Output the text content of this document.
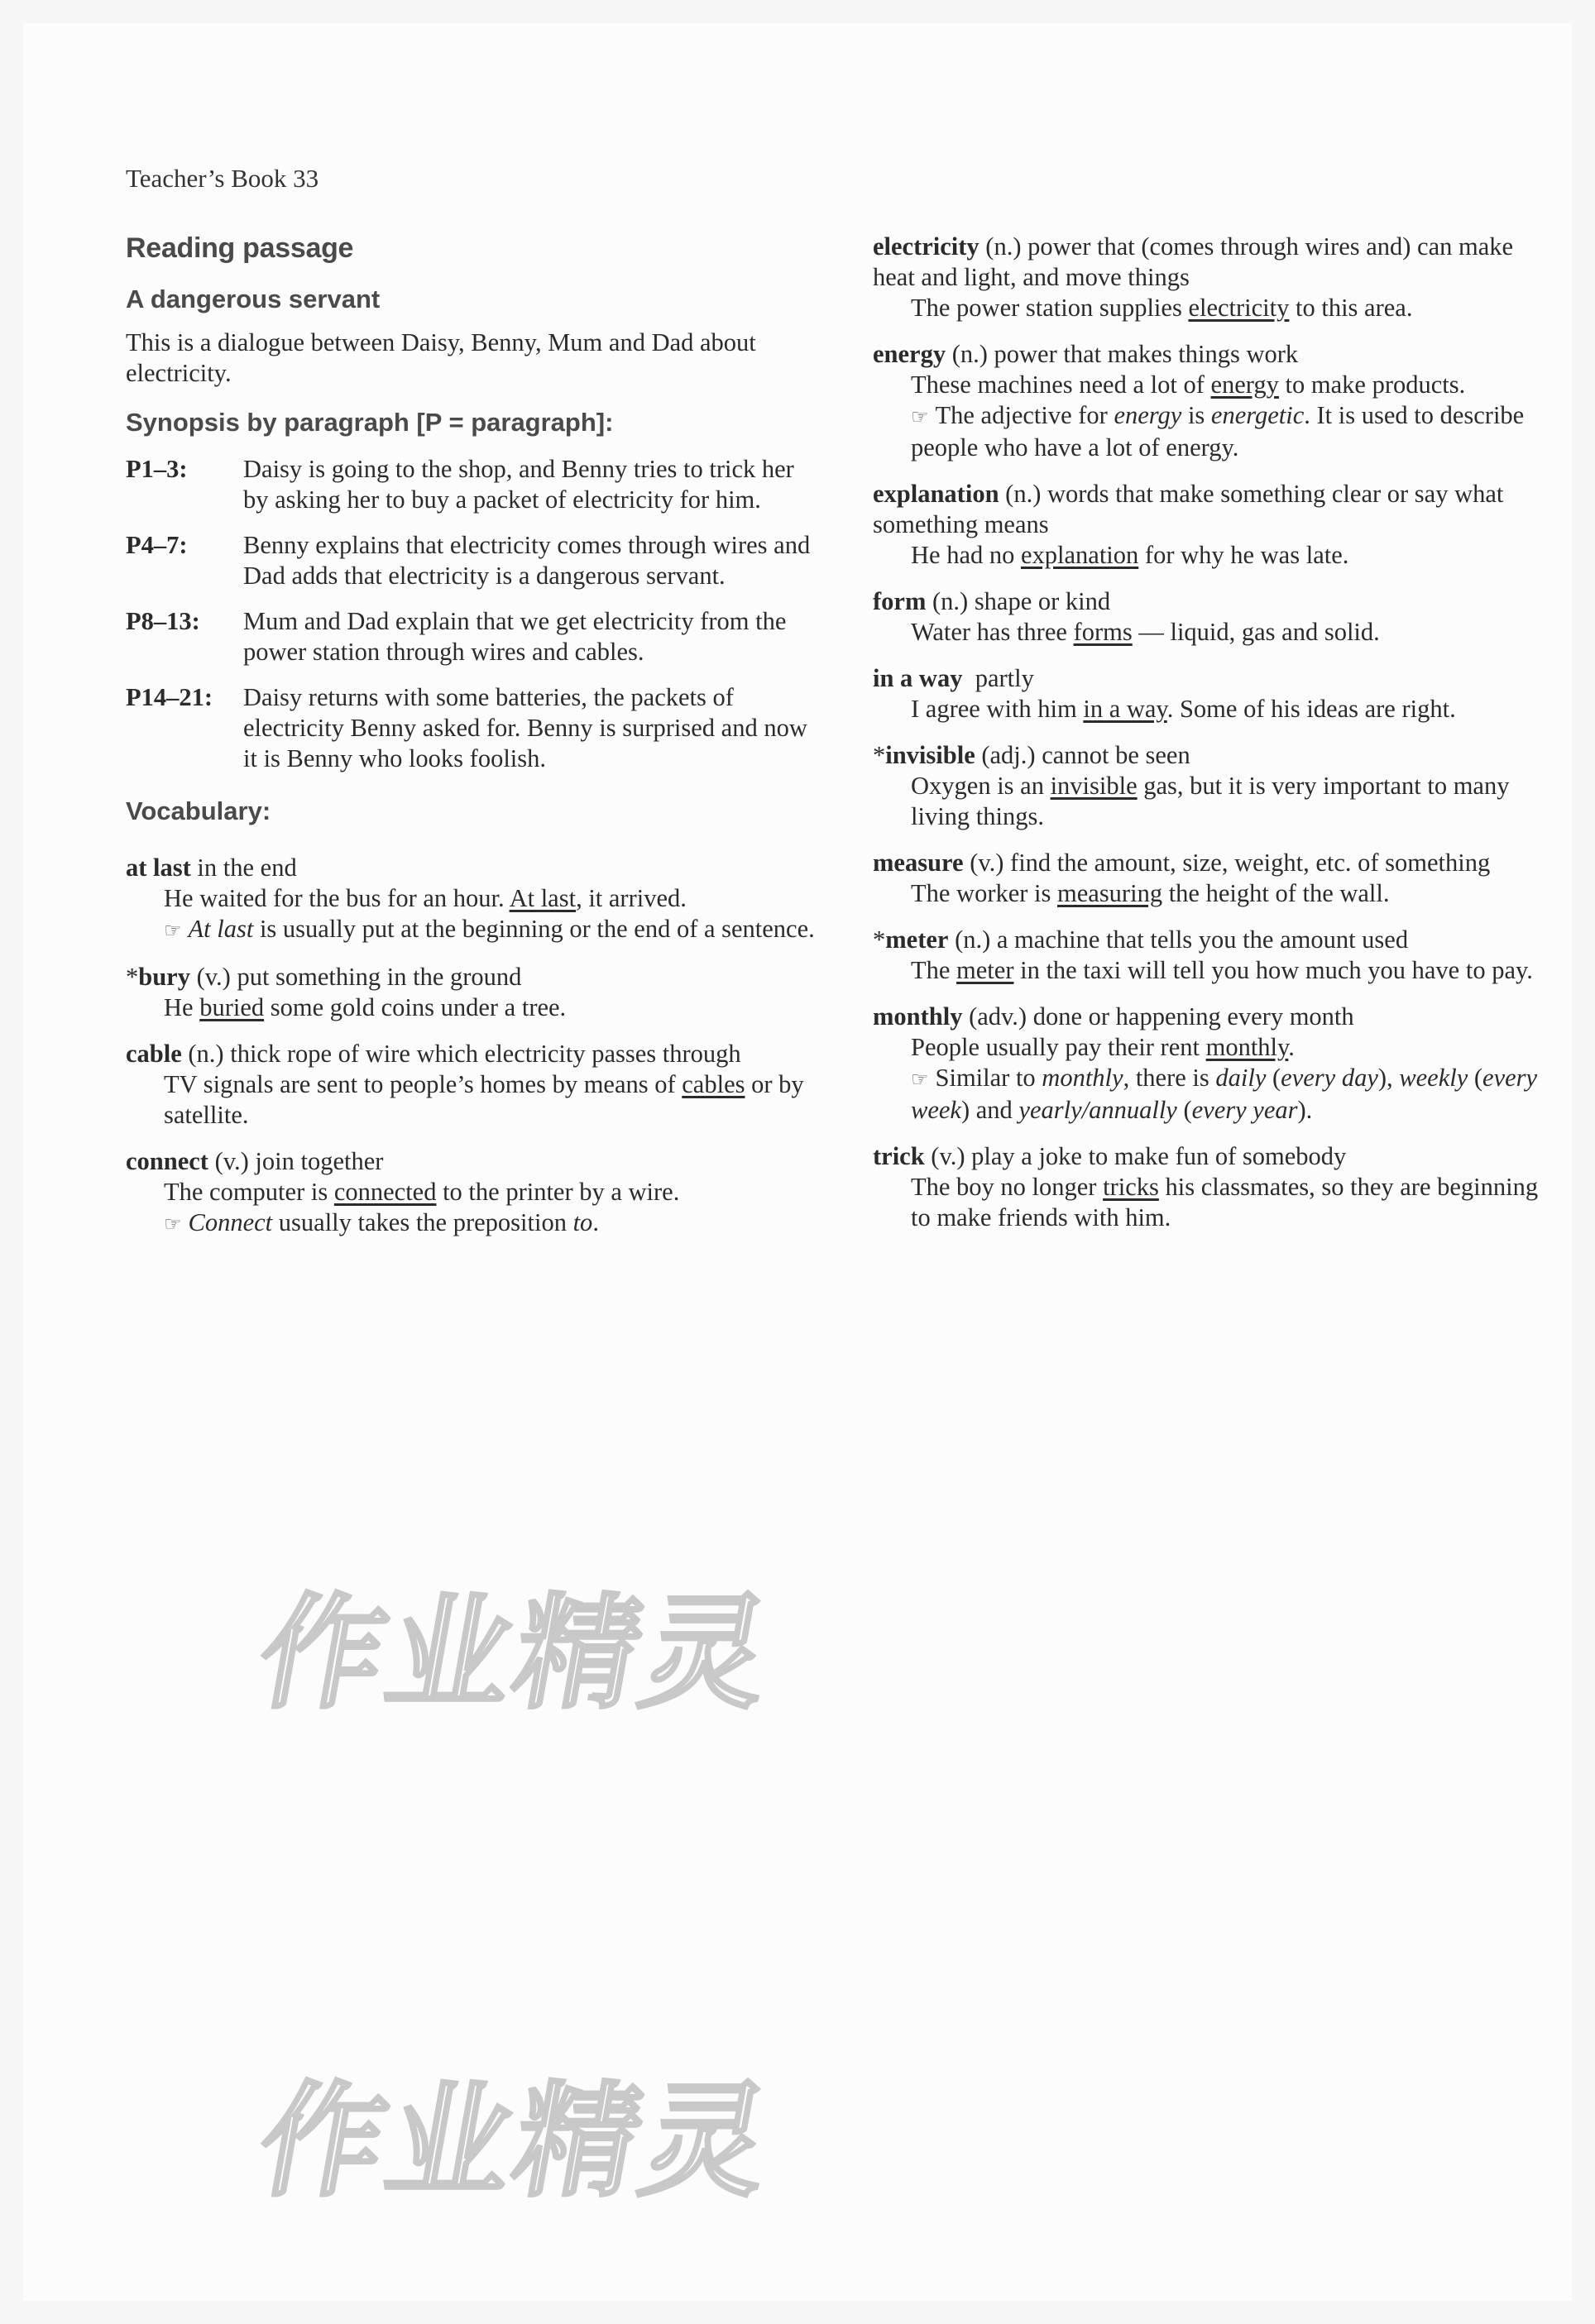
Teacher’s Book 33
Reading passage
A dangerous servant
This is a dialogue between Daisy, Benny, Mum and Dad about electricity.
Synopsis by paragraph [P = paragraph]:
P1–3:	Daisy is going to the shop, and Benny tries to trick her by asking her to buy a packet of electricity for him.
P4–7:	Benny explains that electricity comes through wires and Dad adds that electricity is a dangerous servant.
P8–13:	Mum and Dad explain that we get electricity from the power station through wires and cables.
P14–21:	Daisy returns with some batteries, the packets of electricity Benny asked for. Benny is surprised and now it is Benny who looks foolish.
Vocabulary:
at last in the end
He waited for the bus for an hour. At last, it arrived.
☞ At last is usually put at the beginning or the end of a sentence.
*bury (v.) put something in the ground
He buried some gold coins under a tree.
cable (n.) thick rope of wire which electricity passes through
TV signals are sent to people’s homes by means of cables or by satellite.
connect (v.) join together
The computer is connected to the printer by a wire.
☞ Connect usually takes the preposition to.
electricity (n.) power that (comes through wires and) can make heat and light, and move things
The power station supplies electricity to this area.
energy (n.) power that makes things work
These machines need a lot of energy to make products.
☞ The adjective for energy is energetic. It is used to describe people who have a lot of energy.
explanation (n.) words that make something clear or say what something means
He had no explanation for why he was late.
form (n.) shape or kind
Water has three forms — liquid, gas and solid.
in a way  partly
I agree with him in a way. Some of his ideas are right.
*invisible (adj.) cannot be seen
Oxygen is an invisible gas, but it is very important to many living things.
measure (v.) find the amount, size, weight, etc. of something
The worker is measuring the height of the wall.
*meter (n.) a machine that tells you the amount used
The meter in the taxi will tell you how much you have to pay.
monthly (adv.) done or happening every month
People usually pay their rent monthly.
☞ Similar to monthly, there is daily (every day), weekly (every week) and yearly/annually (every year).
trick (v.) play a joke to make fun of somebody
The boy no longer tricks his classmates, so they are beginning to make friends with him.
作业精灵
作业精灵
